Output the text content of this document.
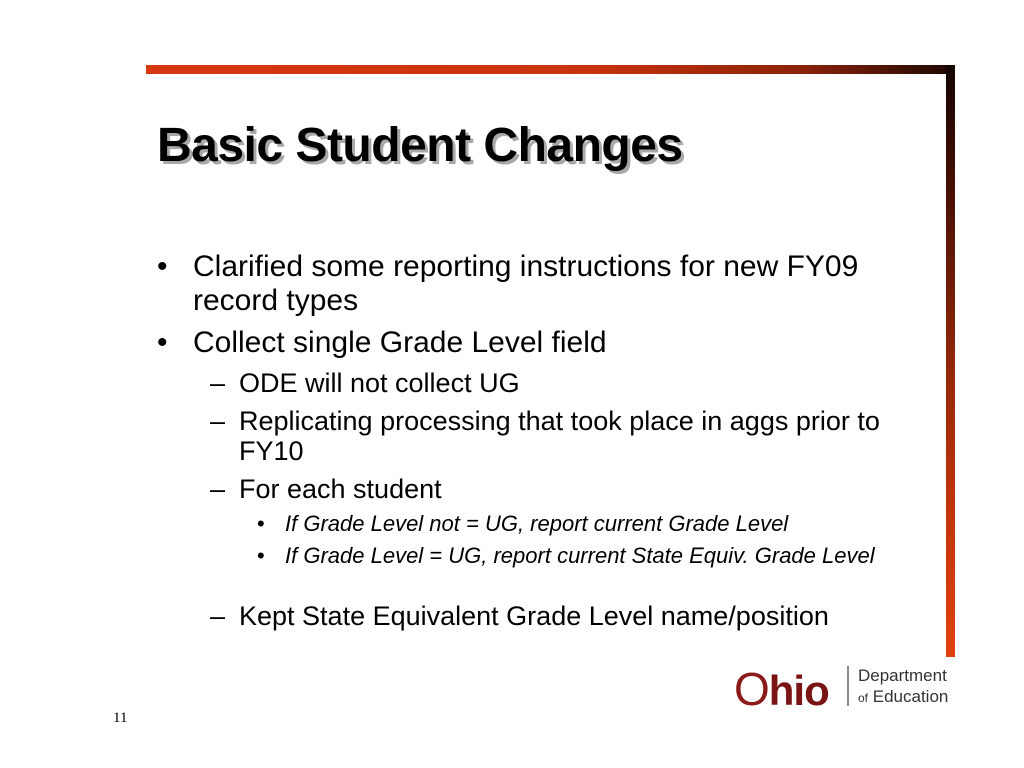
Basic Student Changes
• Clarified some reporting instructions for new FY09 record types
• Collect single Grade Level field
– ODE will not collect UG
– Replicating processing that took place in aggs prior to FY10
– For each student
• If Grade Level not = UG, report current Grade Level
• If Grade Level = UG, report current State Equiv. Grade Level
– Kept State Equivalent Grade Level name/position
Ohio Department
of Education
11
